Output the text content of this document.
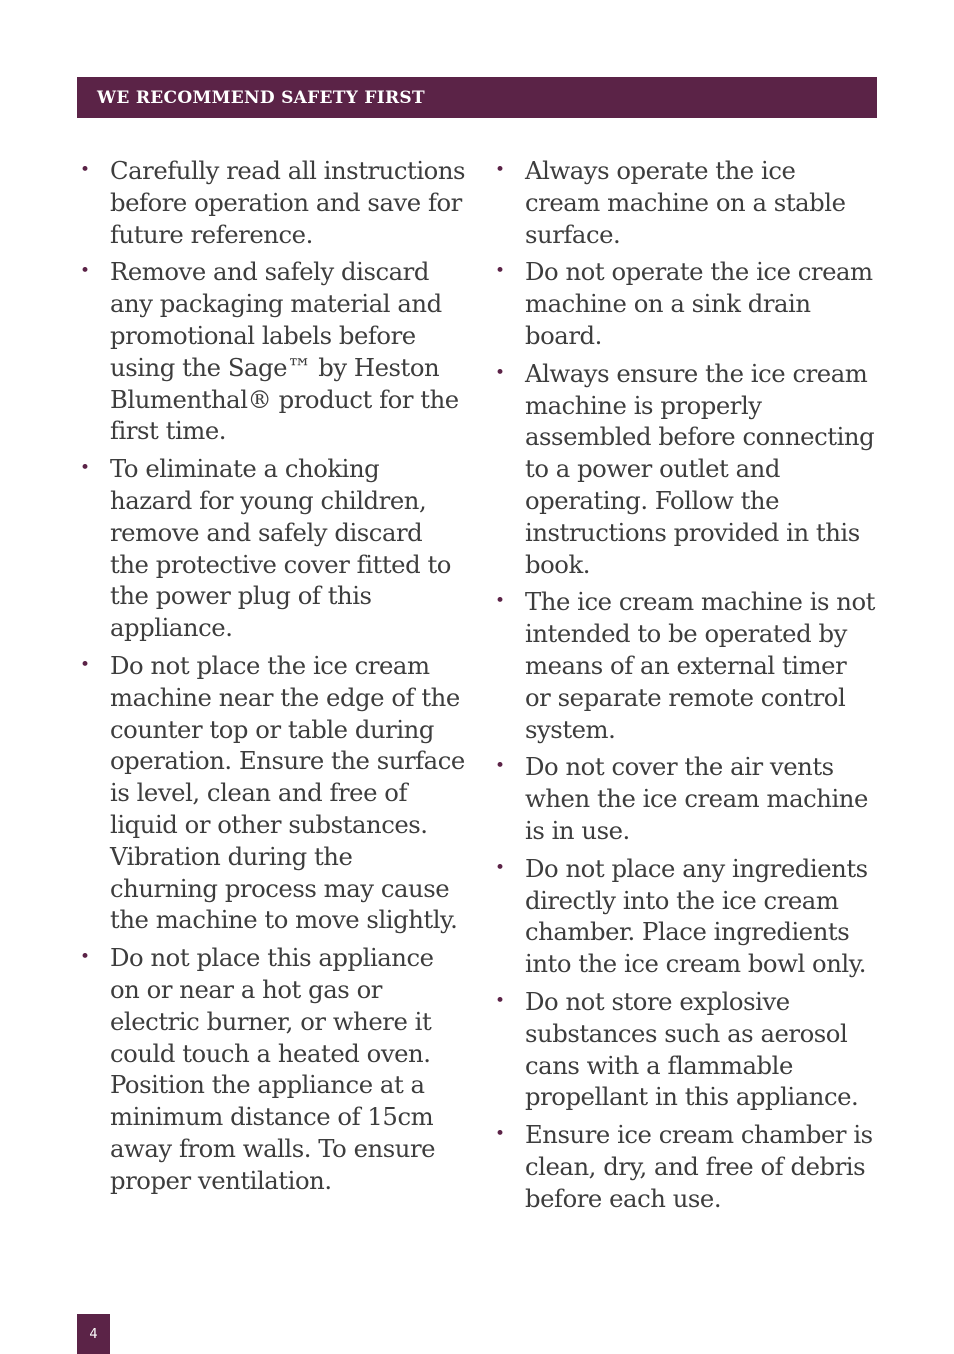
WE RECOMMEND SAFETY FIRST
• Carefully read all instructions before operation and save for future reference.
• Remove and safely discard any packaging material and promotional labels before using the Sage™ by Heston Blumenthal® product for the first time.
• To eliminate a choking hazard for young children, remove and safely discard the protective cover fitted to the power plug of this appliance.
• Do not place the ice cream machine near the edge of the counter top or table during operation. Ensure the surface is level, clean and free of liquid or other substances. Vibration during the churning process may cause the machine to move slightly.
• Do not place this appliance on or near a hot gas or electric burner, or where it could touch a heated oven. Position the appliance at a minimum distance of 15cm away from walls. To ensure proper ventilation.
• Always operate the ice cream machine on a stable surface.
• Do not operate the ice cream machine on a sink drain board.
• Always ensure the ice cream machine is properly assembled before connecting to a power outlet and operating. Follow the instructions provided in this book.
• The ice cream machine is not intended to be operated by means of an external timer or separate remote control system.
• Do not cover the air vents when the ice cream machine is in use.
• Do not place any ingredients directly into the ice cream chamber. Place ingredients into the ice cream bowl only.
• Do not store explosive substances such as aerosol cans with a flammable propellant in this appliance.
• Ensure ice cream chamber is clean, dry, and free of debris before each use.
4
